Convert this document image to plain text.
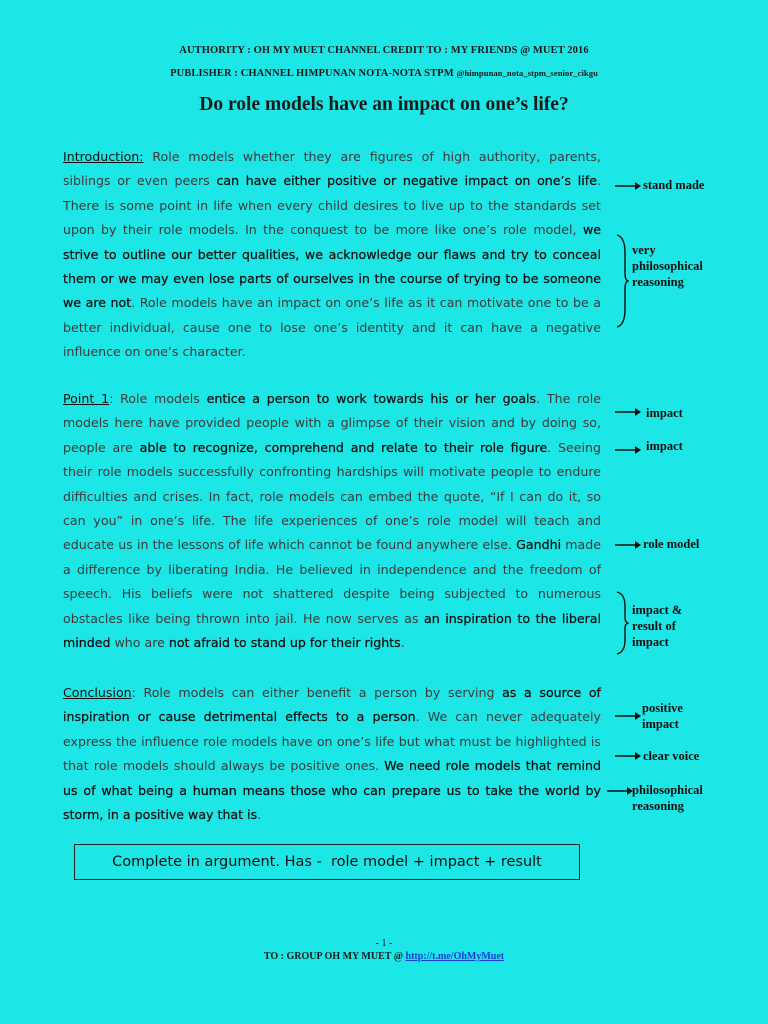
AUTHORITY : OH MY MUET CHANNEL CREDIT TO : MY FRIENDS @ MUET 2016
PUBLISHER : CHANNEL HIMPUNAN NOTA-NOTA STPM @himpunan_nota_stpm_senior_cikgu
Do role models have an impact on one’s life?
Introduction: Role models whether they are figures of high authority, parents, siblings or even peers can have either positive or negative impact on one’s life. There is some point in life when every child desires to live up to the standards set upon by their role models. In the conquest to be more like one’s role model, we strive to outline our better qualities, we acknowledge our flaws and try to conceal them or we may even lose parts of ourselves in the course of trying to be someone we are not. Role models have an impact on one’s life as it can motivate one to be a better individual, cause one to lose one’s identity and it can have a negative influence on one’s character.
Point 1: Role models entice a person to work towards his or her goals. The role models here have provided people with a glimpse of their vision and by doing so, people are able to recognize, comprehend and relate to their role figure. Seeing their role models successfully confronting hardships will motivate people to endure difficulties and crises. In fact, role models can embed the quote, “If I can do it, so can you” in one’s life. The life experiences of one’s role model will teach and educate us in the lessons of life which cannot be found anywhere else. Gandhi made a difference by liberating India. He believed in independence and the freedom of speech. His beliefs were not shattered despite being subjected to numerous obstacles like being thrown into jail. He now serves as an inspiration to the liberal minded who are not afraid to stand up for their rights.
Conclusion: Role models can either benefit a person by serving as a source of inspiration or cause detrimental effects to a person. We can never adequately express the influence role models have on one’s life but what must be highlighted is that role models should always be positive ones. We need role models that remind us of what being a human means those who can prepare us to take the world by storm, in a positive way that is.
stand made
very
philosophical
reasoning
impact
impact
role model
impact &
result of
impact
positive
impact
clear voice
philosophical
reasoning
Complete in argument. Has -  role model + impact + result
- 1 -
TO : GROUP OH MY MUET @ http://t.me/OhMyMuet
